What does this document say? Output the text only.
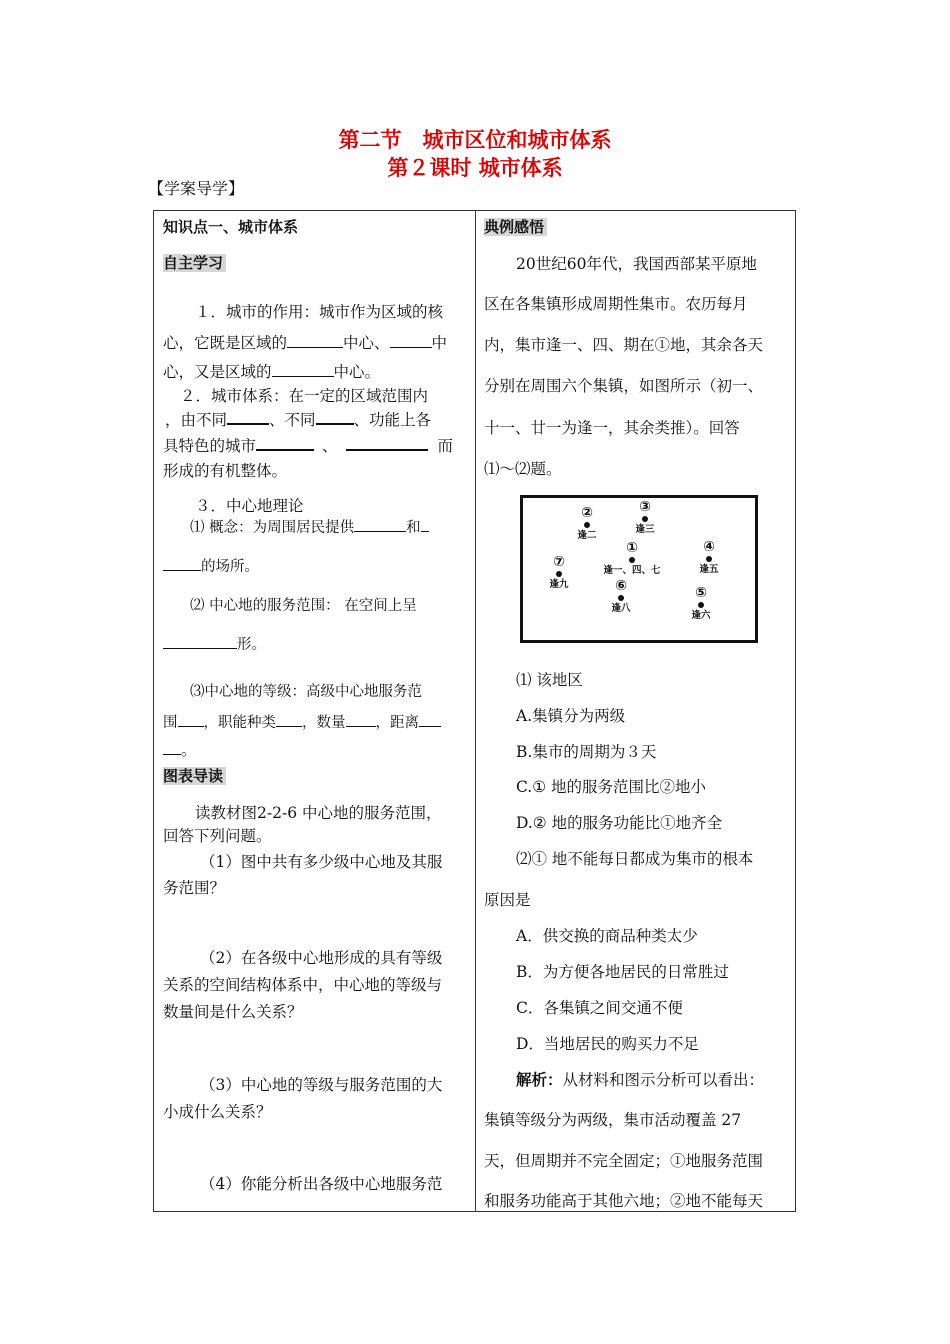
第二节　城市区位和城市体系
第２课时 城市体系
【学案导学】
知识点一、城市体系
自主学习
１．城市的作用：城市作为区域的核
心，它既是区域的	中心、	中
心，又是区域的	中心。
２．城市体系：在一定的区域范围内
，由不同	、不同 、功能上各
具特色的城市	、	而
形成的有机整体。
３．中心地理论
⑴ 概念：为周围居民提供	和
的场所。
⑵ 中心地的服务范围： 在空间上呈
形。
⑶中心地的等级：高级中心地服务范
围 ，职能种类 ，数量 ，距离
。
图表导读
读教材图2-2-6 中心地的服务范围，
回答下列问题。
（1）图中共有多少级中心地及其服
务范围？
（2）在各级中心地形成的具有等级
关系的空间结构体系中，中心地的等级与
数量间是什么关系？
（3）中心地的等级与服务范围的大
小成什么关系？
（4）你能分析出各级中心地服务范
典例感悟
20世纪60年代，我国西部某平原地
区在各集镇形成周期性集市。农历每月
内，集市逢一、四、期在①地，其余各天
分别在周围六个集镇，如图所示（初一、
十一、廿一为逢一，其余类推）。回答
⑴～⑵题。
②
逢二
③
逢三
①
逢一、四、七
④
逢五
⑦
逢九	⑥
逢八
⑤
逢六
⑴ 该地区
A.集镇分为两级
B.集市的周期为３天
C.① 地的服务范围比②地小
D.② 地的服务功能比①地齐全
⑵① 地不能每日都成为集市的根本
原因是
A．供交换的商品种类太少
B．为方便各地居民的日常胜过
C．各集镇之间交通不便
D．当地居民的购买力不足
解析：从材料和图示分析可以看出：
集镇等级分为两级，集市活动覆盖 27
天，但周期并不完全固定；①地服务范围
和服务功能高于其他六地；②地不能每天
